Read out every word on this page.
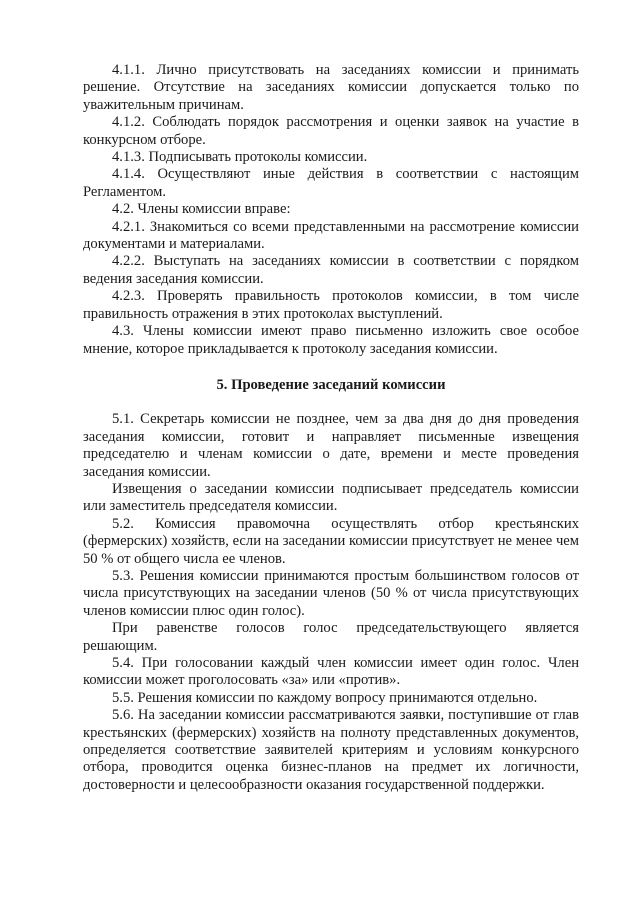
4.1.1. Лично присутствовать на заседаниях комиссии и принимать решение. Отсутствие на заседаниях комиссии допускается только по уважительным причинам.

4.1.2. Соблюдать порядок рассмотрения и оценки заявок на участие в конкурсном отборе.

4.1.3. Подписывать протоколы комиссии.

4.1.4. Осуществляют иные действия в соответствии с настоящим Регламентом.

4.2. Члены комиссии вправе:

4.2.1. Знакомиться со всеми представленными на рассмотрение комиссии документами и материалами.

4.2.2. Выступать на заседаниях комиссии в соответствии с порядком ведения заседания комиссии.

4.2.3. Проверять правильность протоколов комиссии, в том числе правильность отражения в этих протоколах выступлений.

4.3. Члены комиссии имеют право письменно изложить свое особое мнение, которое прикладывается к протоколу заседания комиссии.

5. Проведение заседаний комиссии

5.1. Секретарь комиссии не позднее, чем за два дня до дня проведения заседания комиссии, готовит и направляет письменные извещения председателю и членам комиссии о дате, времени и месте проведения заседания комиссии.

Извещения о заседании комиссии подписывает председатель комиссии или заместитель председателя комиссии.

5.2. Комиссия правомочна осуществлять отбор крестьянских (фермерских) хозяйств, если на заседании комиссии присутствует не менее чем 50 % от общего числа ее членов.

5.3. Решения комиссии принимаются простым большинством голосов от числа присутствующих на заседании членов (50 % от числа присутствующих членов комиссии плюс один голос).

При равенстве голосов голос председательствующего является решающим.

5.4. При голосовании каждый член комиссии имеет один голос. Член комиссии может проголосовать «за» или «против».

5.5. Решения комиссии по каждому вопросу принимаются отдельно.

5.6. На заседании комиссии рассматриваются заявки, поступившие от глав крестьянских (фермерских) хозяйств на полноту представленных документов, определяется соответствие заявителей критериям и условиям конкурсного отбора, проводится оценка бизнес-планов на предмет их логичности, достоверности и целесообразности оказания государственной поддержки.
